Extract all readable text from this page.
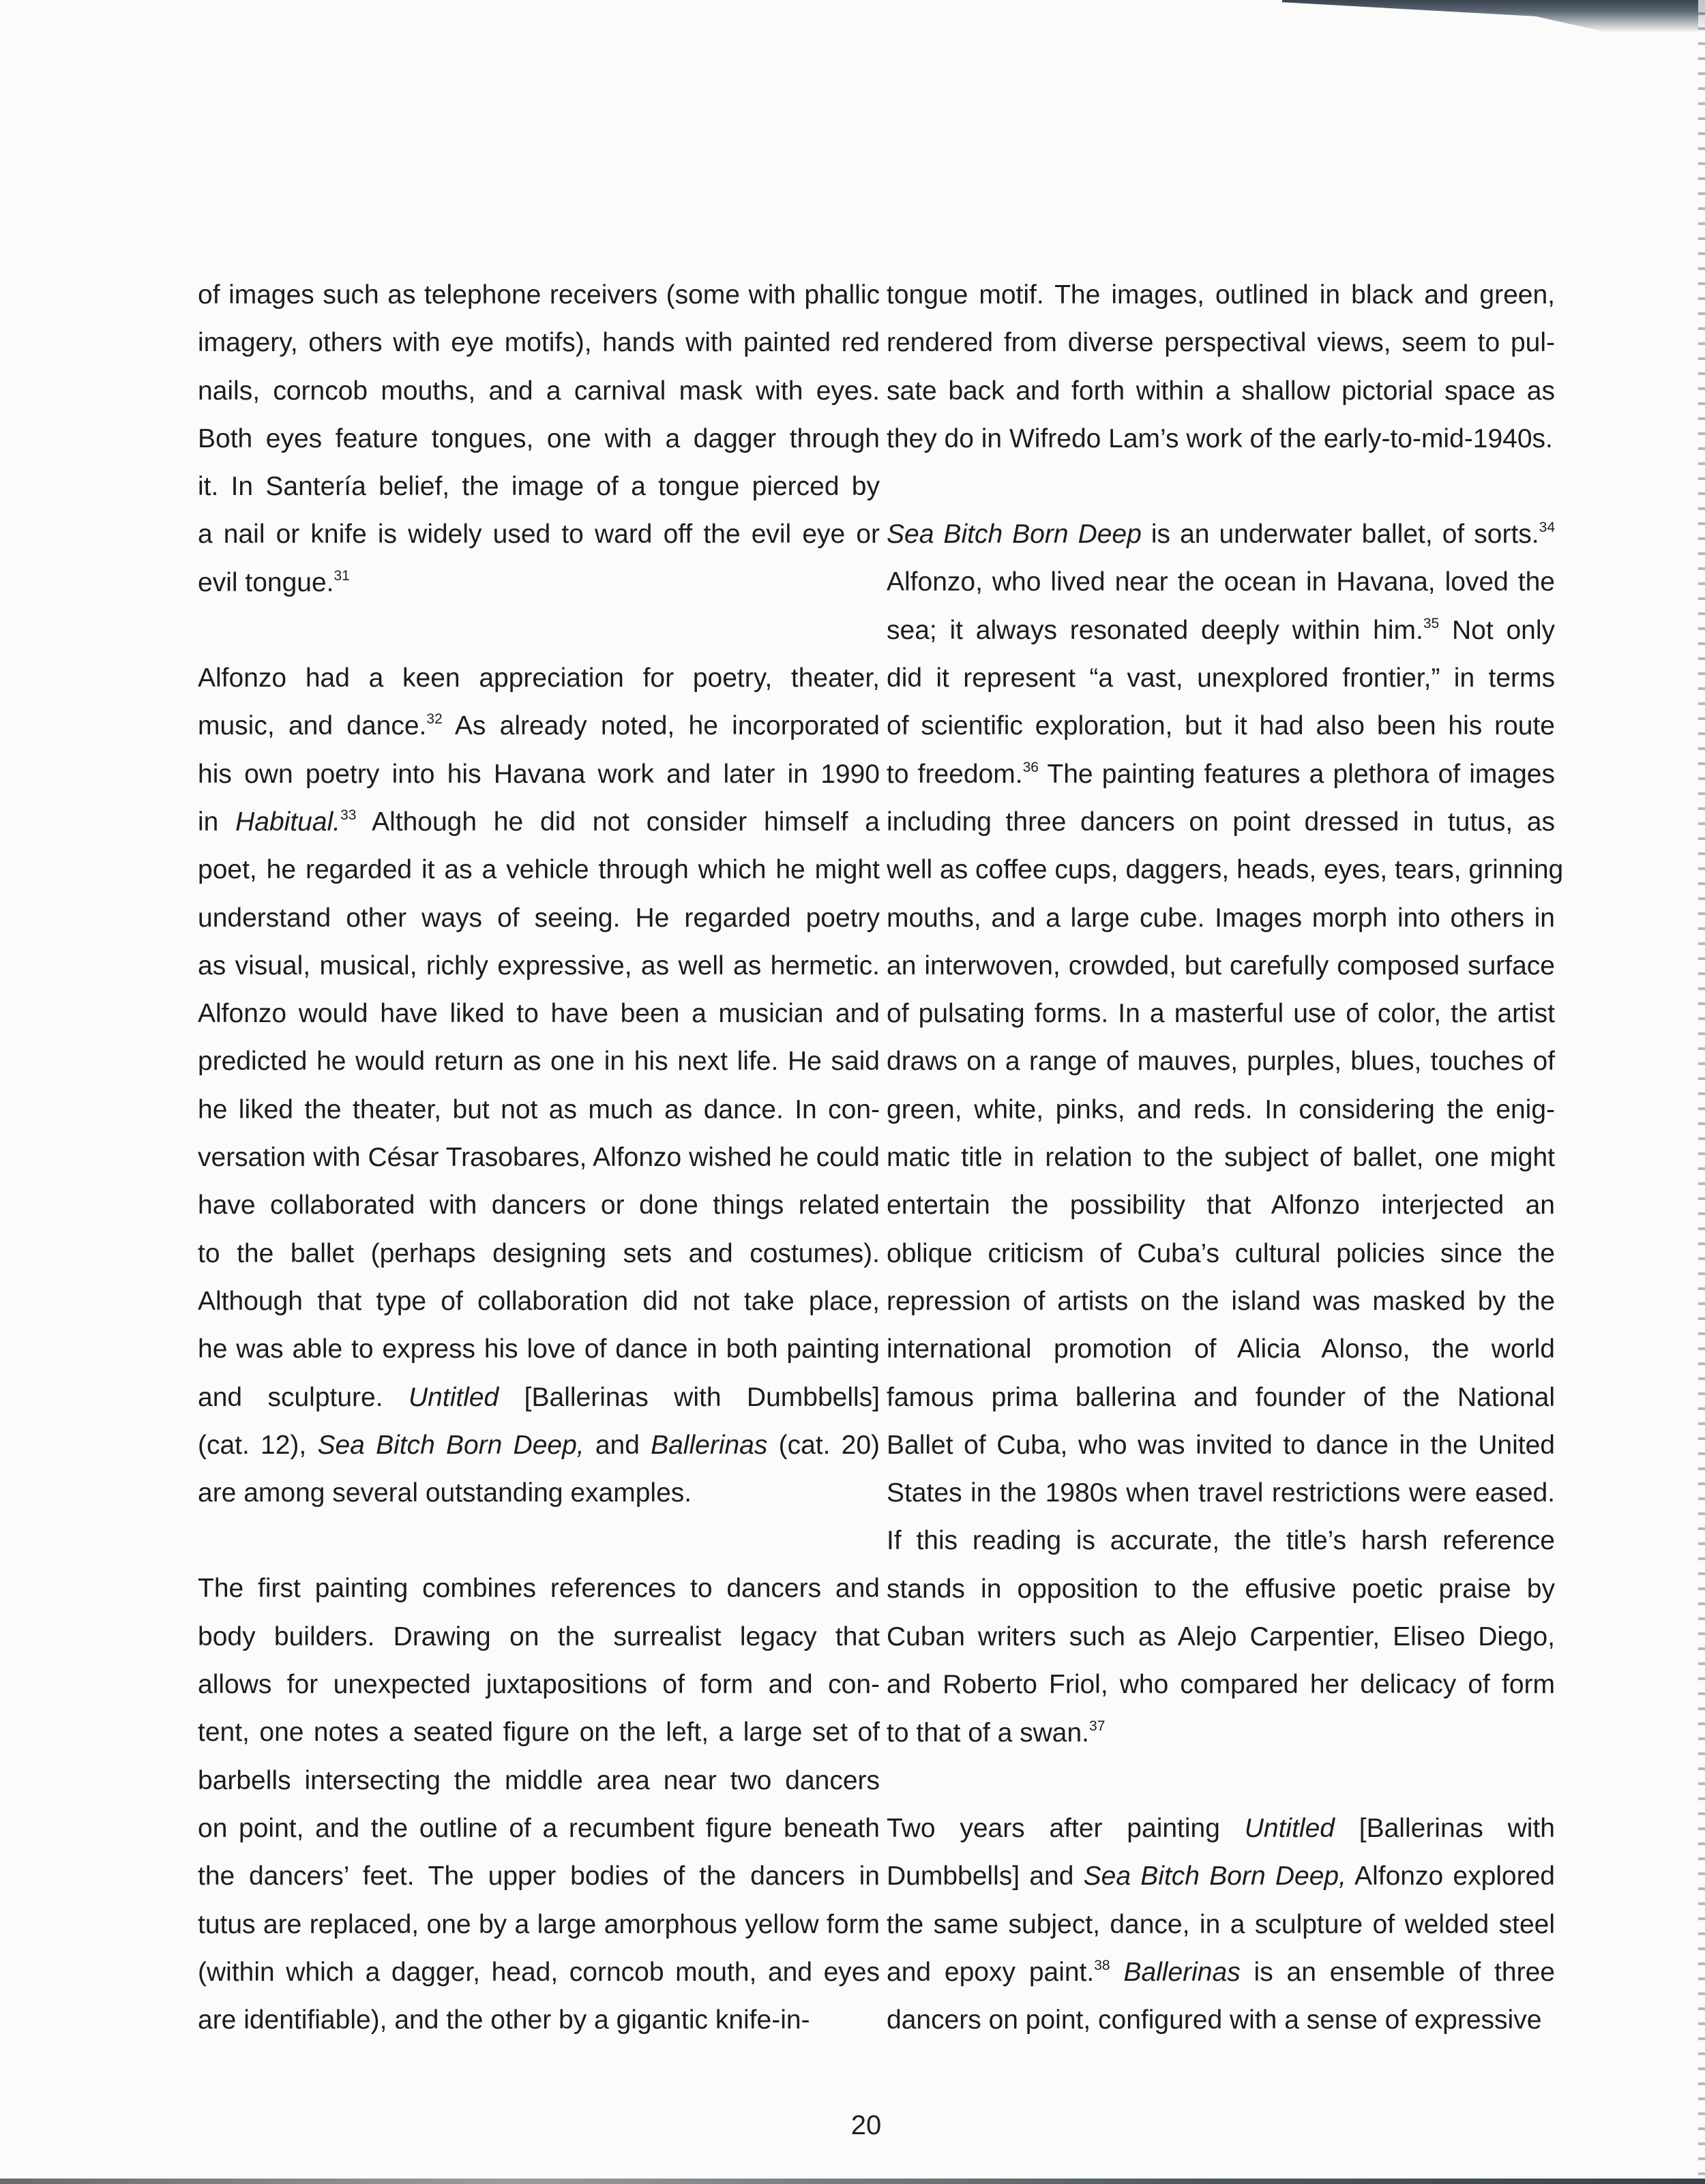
of images such as telephone receivers (some with phallic
imagery, others with eye motifs), hands with painted red
nails, corncob mouths, and a carnival mask with eyes.
Both eyes feature tongues, one with a dagger through
it. In Santería belief, the image of a tongue pierced by
a nail or knife is widely used to ward off the evil eye or
evil tongue.$^{31}$
Alfonzo had a keen appreciation for poetry, theater,
music, and dance.$^{32}$ As already noted, he incorporated
his own poetry into his Havana work and later in 1990
in Habitual.$^{33}$ Although he did not consider himself a
poet, he regarded it as a vehicle through which he might
understand other ways of seeing. He regarded poetry
as visual, musical, richly expressive, as well as hermetic.
Alfonzo would have liked to have been a musician and
predicted he would return as one in his next life. He said
he liked the theater, but not as much as dance. In con-
versation with César Trasobares, Alfonzo wished he could
have collaborated with dancers or done things related
to the ballet (perhaps designing sets and costumes).
Although that type of collaboration did not take place,
he was able to express his love of dance in both painting
and sculpture. Untitled [Ballerinas with Dumbbells]
(cat. 12), Sea Bitch Born Deep, and Ballerinas (cat. 20)
are among several outstanding examples.
The first painting combines references to dancers and
body builders. Drawing on the surrealist legacy that
allows for unexpected juxtapositions of form and con-
tent, one notes a seated figure on the left, a large set of
barbells intersecting the middle area near two dancers
on point, and the outline of a recumbent figure beneath
the dancers’ feet. The upper bodies of the dancers in
tutus are replaced, one by a large amorphous yellow form
(within which a dagger, head, corncob mouth, and eyes
are identifiable), and the other by a gigantic knife-in-
tongue motif. The images, outlined in black and green,
rendered from diverse perspectival views, seem to pul-
sate back and forth within a shallow pictorial space as
they do in Wifredo Lam’s work of the early-to-mid-1940s.
Sea Bitch Born Deep is an underwater ballet, of sorts.$^{34}$
Alfonzo, who lived near the ocean in Havana, loved the
sea; it always resonated deeply within him.$^{35}$ Not only
did it represent “a vast, unexplored frontier,” in terms
of scientific exploration, but it had also been his route
to freedom.$^{36}$ The painting features a plethora of images
including three dancers on point dressed in tutus, as
well as coffee cups, daggers, heads, eyes, tears, grinning
mouths, and a large cube. Images morph into others in
an interwoven, crowded, but carefully composed surface
of pulsating forms. In a masterful use of color, the artist
draws on a range of mauves, purples, blues, touches of
green, white, pinks, and reds. In considering the enig-
matic title in relation to the subject of ballet, one might
entertain the possibility that Alfonzo interjected an
oblique criticism of Cuba’s cultural policies since the
repression of artists on the island was masked by the
international promotion of Alicia Alonso, the world
famous prima ballerina and founder of the National
Ballet of Cuba, who was invited to dance in the United
States in the 1980s when travel restrictions were eased.
If this reading is accurate, the title’s harsh reference
stands in opposition to the effusive poetic praise by
Cuban writers such as Alejo Carpentier, Eliseo Diego,
and Roberto Friol, who compared her delicacy of form
to that of a swan.$^{37}$
Two years after painting Untitled [Ballerinas with
Dumbbells] and Sea Bitch Born Deep, Alfonzo explored
the same subject, dance, in a sculpture of welded steel
and epoxy paint.$^{38}$ Ballerinas is an ensemble of three
dancers on point, configured with a sense of expressive
20
